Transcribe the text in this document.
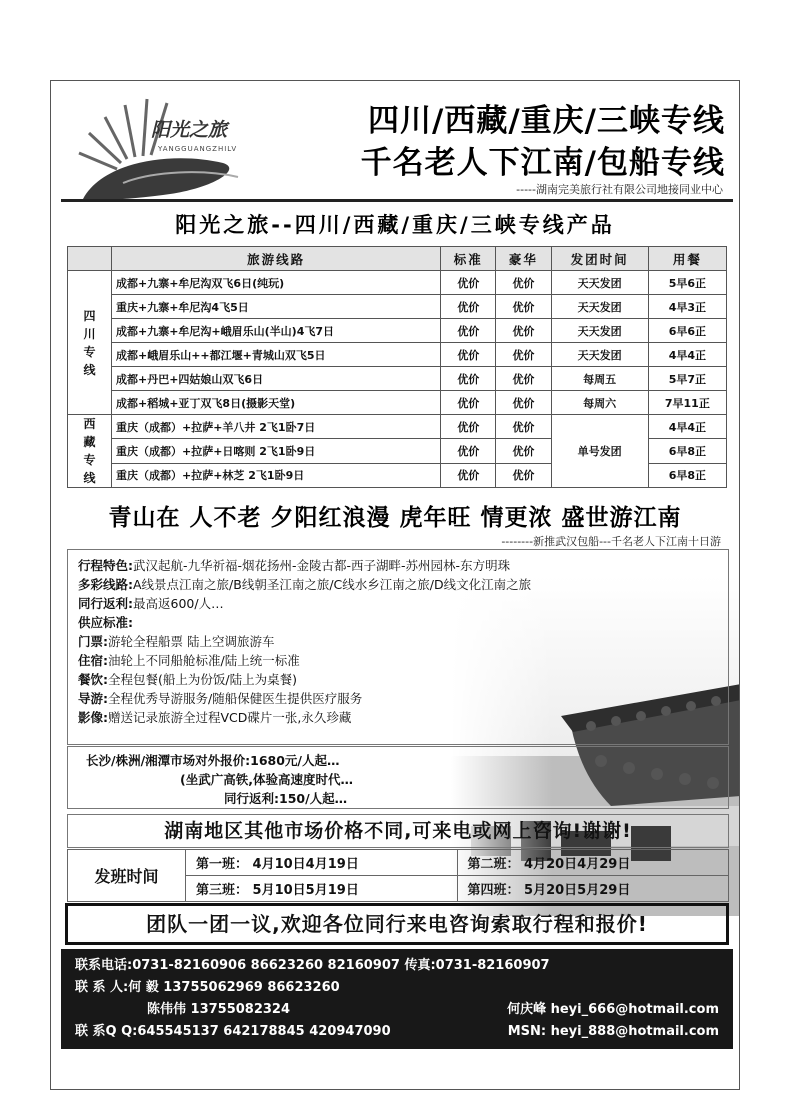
阳光之旅
YANGGUANGZHILV
四川/西藏/重庆/三峡专线
千名老人下江南/包船专线
-----湖南完美旅行社有限公司地接同业中心
阳光之旅--四川/西藏/重庆/三峡专线产品
	旅游线路	标准	豪华	发团时间	用餐
四川专线	成都+九寨+牟尼沟双飞6日(纯玩)	优价	优价	天天发团	5早6正
	重庆+九寨+牟尼沟4飞5日	优价	优价	天天发团	4早3正
	成都+九寨+牟尼沟+峨眉乐山(半山)4飞7日	优价	优价	天天发团	6早6正
	成都+峨眉乐山++都江堰+青城山双飞5日	优价	优价	天天发团	4早4正
	成都+丹巴+四姑娘山双飞6日	优价	优价	每周五	5早7正
	成都+稻城+亚丁双飞8日(摄影天堂)	优价	优价	每周六	7早11正
西藏专线	重庆（成都）+拉萨+羊八井 2飞1卧7日	优价	优价	单号发团	4早4正
	重庆（成都）+拉萨+日喀则 2飞1卧9日	优价	优价		6早8正
	重庆（成都）+拉萨+林芝 2飞1卧9日	优价	优价		6早8正
青山在 人不老 夕阳红浪漫 虎年旺 情更浓 盛世游江南
--------新推武汉包船---千名老人下江南十日游
行程特色:武汉起航-九华祈福-烟花扬州-金陵古都-西子湖畔-苏州园林-东方明珠
多彩线路:A线景点江南之旅/B线朝圣江南之旅/C线水乡江南之旅/D线文化江南之旅
同行返利:最高返600/人…
供应标准:
门票:游轮全程船票 陆上空调旅游车
住宿:油轮上不同船舱标准/陆上统一标准
餐饮:全程包餐(船上为份饭/陆上为桌餐)
导游:全程优秀导游服务/随船保健医生提供医疗服务
影像:赠送记录旅游全过程VCD碟片一张,永久珍藏
长沙/株洲/湘潭市场对外报价:1680元/人起…
(坐武广高铁,体验高速度时代…
同行返利:150/人起…
湖南地区其他市场价格不同,可来电或网上咨询!谢谢!
发班时间	第一班： 4月10日4月19日	第二班： 4月20日4月29日
	第三班： 5月10日5月19日	第四班： 5月20日5月29日
团队一团一议,欢迎各位同行来电咨询索取行程和报价!
联系电话:0731-82160906 86623260 82160907 传真:0731-82160907
联 系 人:何 毅 13755062969 86623260
陈伟伟 13755082324	何庆峰 heyi_666@hotmail.com
联 系Q Q:645545137 642178845 420947090	MSN: heyi_888@hotmail.com
